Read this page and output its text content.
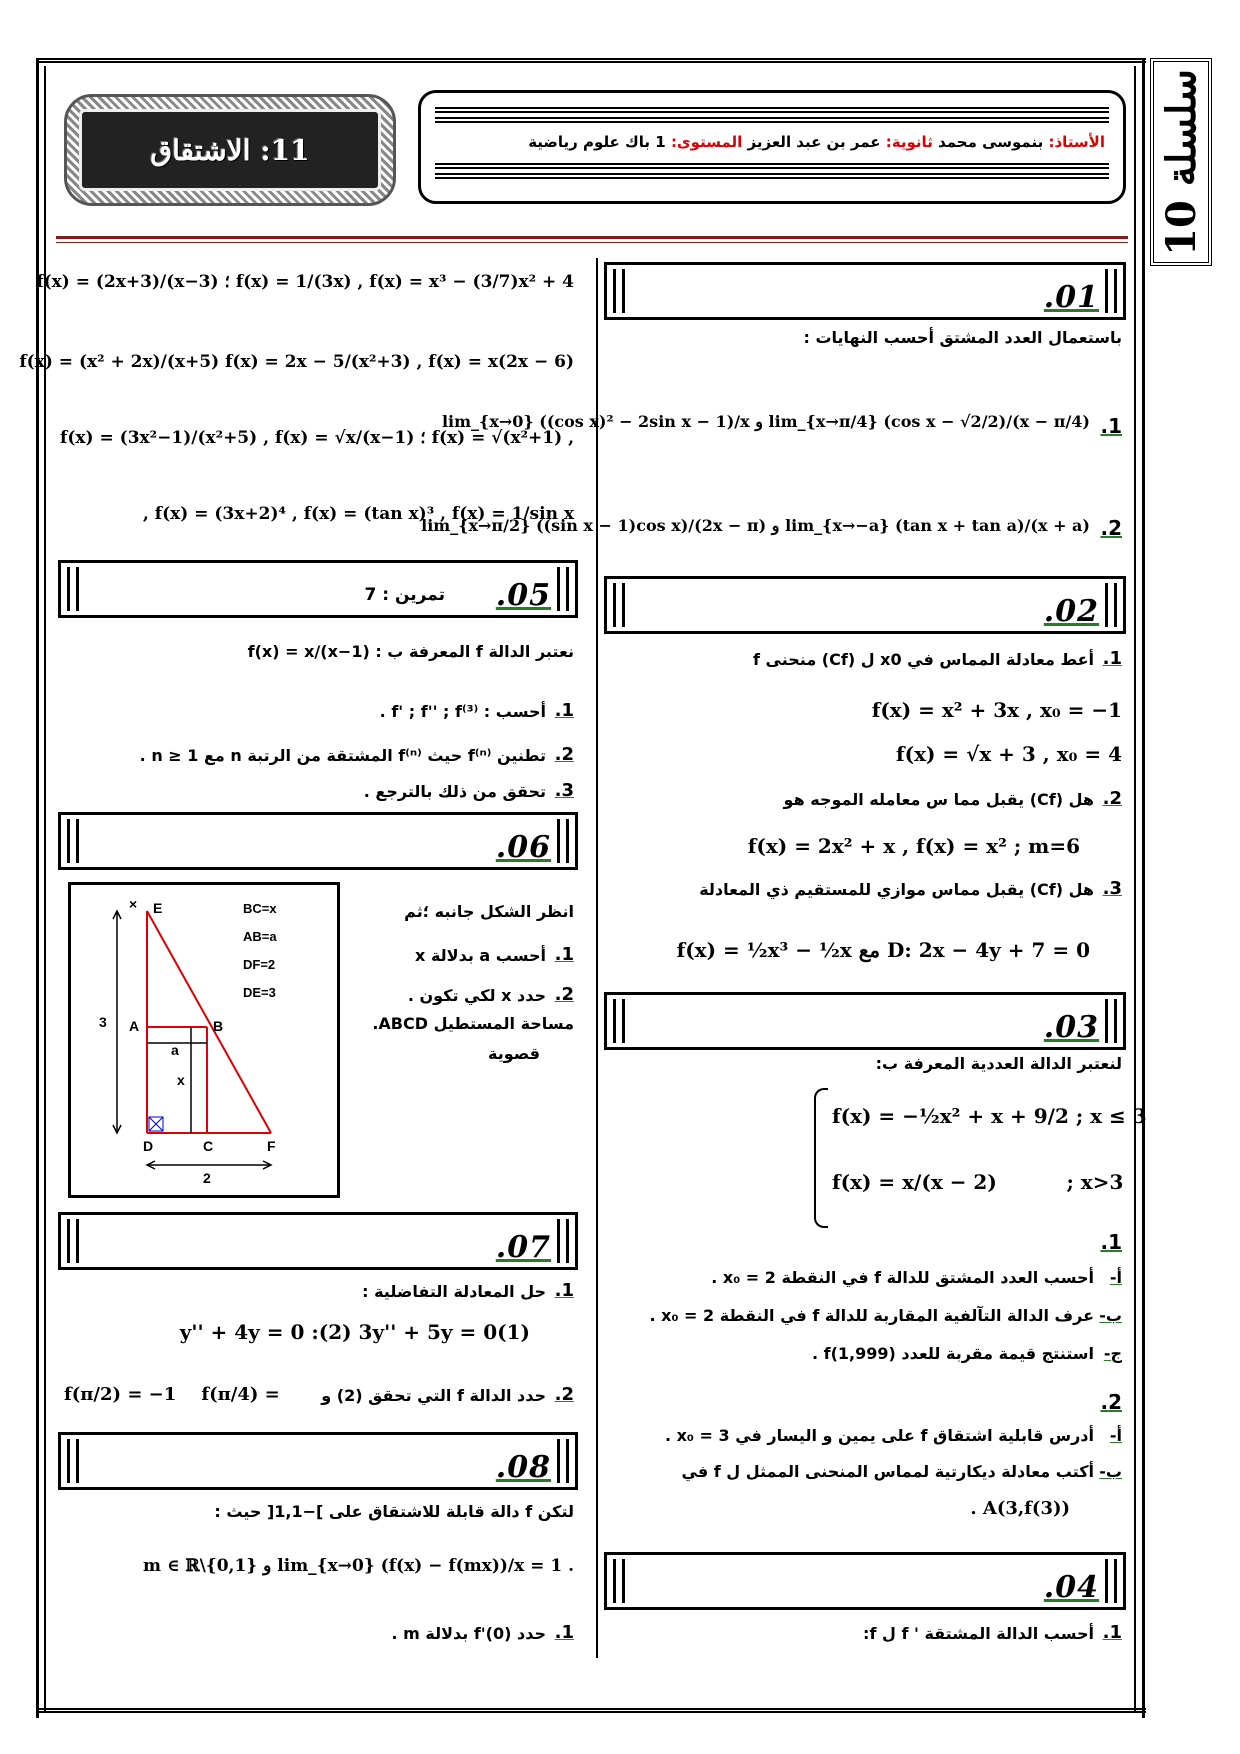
سلسلة 10
11: الاشتقاق	الأستاذ: بنموسى محمد ثانوية: عمر بن عبد العزيز المستوى: 1 باك علوم رياضية
.01
باستعمال العدد المشتق أحسب النهايات :
1.
lim_{x→0} ((cos x)² − 2sin x − 1)/x و lim_{x→π/4} (cos x − √2/2)/(x − π/4)
2.
lim_{x→π/2} ((sin x − 1)cos x)/(2x − π) و lim_{x→−a} (tan x + tan a)/(x + a)
.02
1.
أعط معادلة المماس في x0 ل (Cf) منحنى f
f(x) = x² + 3x , x₀ = −1
f(x) = √x + 3 , x₀ = 4
2.
هل (Cf) يقبل مما س معامله الموجه هو
f(x) = 2x² + x , f(x) = x² ; m=6
3.
هل (Cf) يقبل مماس موازي للمستقيم ذي المعادلة
f(x) = ½x³ − ½x مع D: 2x − 4y + 7 = 0
.03
لنعتبر الدالة العددية المعرفة ب:
f(x) = −½x² + x + 9/2 ; x ≤ 3
f(x) = x/(x − 2)          ; x>3
1.
أ-
أحسب العدد المشتق للدالة f في النقطة x₀ = 2 .
ب-
عرف الدالة التآلفية المقاربة للدالة f في النقطة x₀ = 2 .
ج-
استنتج قيمة مقربة للعدد f(1,999) .
2.
أ-
أدرس قابلية اشتقاق f على يمين و اليسار في x₀ = 3 .
ب-
أكتب معادلة ديكارتية لمماس المنحنى الممثل ل f في
. A(3,f(3))
.04
1.
أحسب الدالة المشتقة ' f ل f:
f(x) = 1/(3x) , f(x) = x³ − (3/7)x² + 4 ؛ f(x) = (2x+3)/(x−3)
f(x) = (x² + 2x)/(x+5) f(x) = 2x − 5/(x²+3) , f(x) = x(2x − 6)
, f(x) = √(x²+1) ؛ f(x) = (3x²−1)/(x²+5) , f(x) = √x/(x−1)
f(x) = (3x+2)⁴ , f(x) = (tan x)³ , f(x) = 1/sin x ,
تمرين : 7 .05
نعتبر الدالة f المعرفة ب : f(x) = x/(x−1)
1.
أحسب : f' ; f'' ; f⁽³⁾ .
2.
تطنين f⁽ⁿ⁾ حيث f⁽ⁿ⁾ المشتقة من الرتبة n مع n ≥ 1 .
3.
تحقق من ذلك بالترجع .
.06
انظر الشكل جانبه ؛ثم
1.
أحسب a بدلالة x
2.
حدد x لكي تكون .
مساحة المستطيل ABCD.
قصوية
BC=x
AB=a
DF=2
DE=3
× E
A	B
D	C	F
3
a
x
2
.07
1.
حل المعادلة التفاضلية :
y'' + 4y = 0 :(2) 3y'' + 5y = 0(1)
2.
حدد الدالة f التي تحقق (2) و
f(π/2) = −1    f(π/4) =
.08
لتكن f دالة قابلة للاشتقاق على ]−1,1[ حيث :
. lim_{x→0} (f(x) − f(mx))/x = 1 و m ∈ ℝ\{0,1}
1.
حدد f'(0) بدلالة m .
